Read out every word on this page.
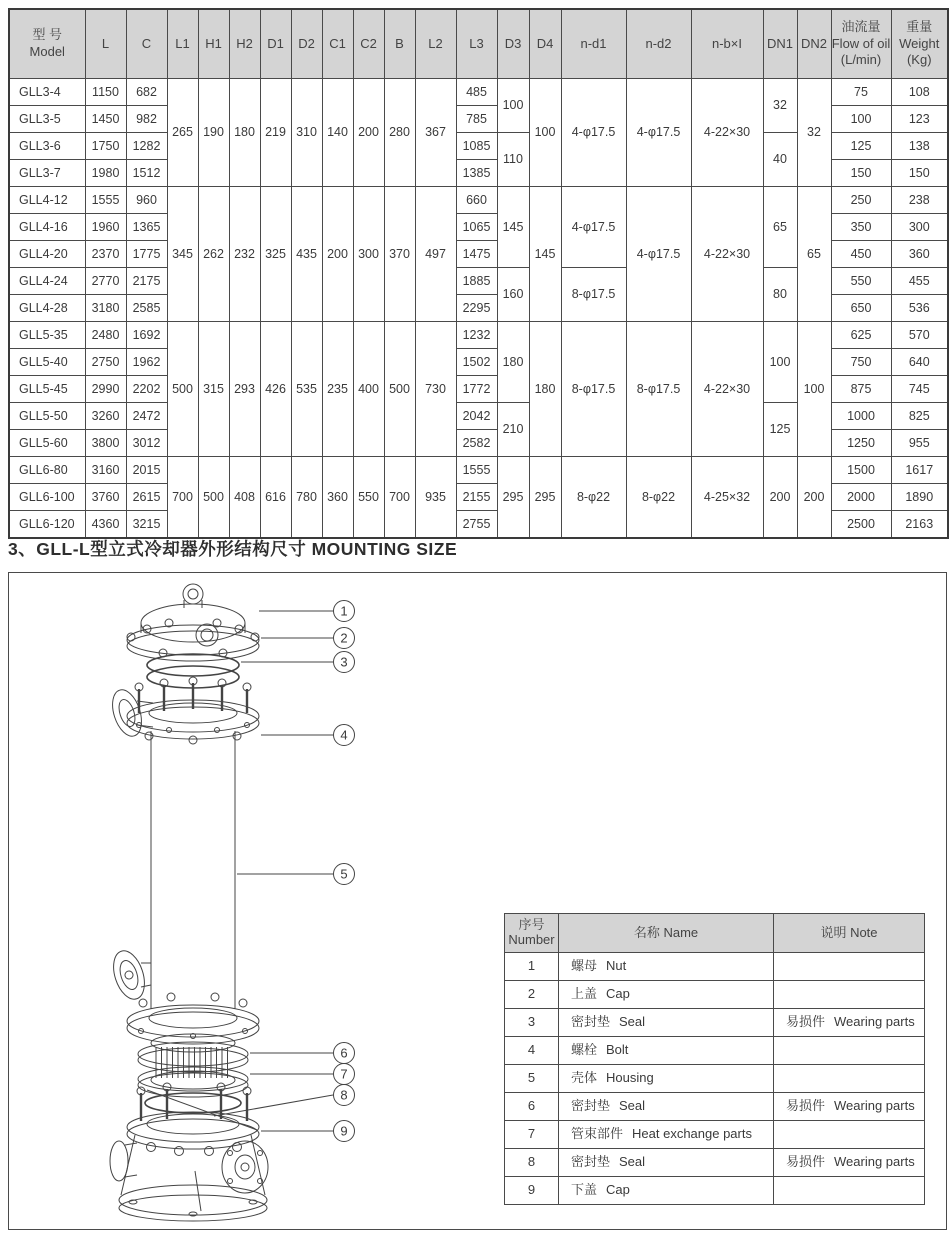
型 号
Model	L	C	L1	H1	H2	D1	D2	C1	C2	B	L2	L3	D3	D4	n-d1	n-d2	n-b×I	DN1	DN2	油流量
Flow of oil
(L/min)	重量
Weight
(Kg)
GLL3-4	1150	682	265	190	180	219	310	140	200	280	367	485	100	100	4-φ17.5	4-φ17.5	4-22×30	32	32	75	108
GLL3-5	1450	982										785								100	123
GLL3-6	1750	1282										1085	110					40		125	138
GLL3-7	1980	1512										1385								150	150
GLL4-12	1555	960	345	262	232	325	435	200	300	370	497	660	145	145	4-φ17.5	4-φ17.5	4-22×30	65	65	250	238
GLL4-16	1960	1365										1065								350	300
GLL4-20	2370	1775										1475								450	360
GLL4-24	2770	2175										1885	160		8-φ17.5			80		550	455
GLL4-28	3180	2585										2295								650	536
GLL5-35	2480	1692	500	315	293	426	535	235	400	500	730	1232	180	180	8-φ17.5	8-φ17.5	4-22×30	100	100	625	570
GLL5-40	2750	1962										1502								750	640
GLL5-45	2990	2202										1772								875	745
GLL5-50	3260	2472										2042	210					125		1000	825
GLL5-60	3800	3012										2582								1250	955
GLL6-80	3160	2015	700	500	408	616	780	360	550	700	935	1555	295	295	8-φ22	8-φ22	4-25×32	200	200	1500	1617
GLL6-100	3760	2615										2155								2000	1890
GLL6-120	4360	3215										2755								2500	2163
3、GLL-L型立式冷却器外形结构尺寸 MOUNTING SIZE
1
2
3
4
5
6
7
8
9
序号
Number	名称 Name	说明 Note
1	螺母 Nut	
2	上盖 Cap	
3	密封垫 Seal	易损件 Wearing parts
4	螺栓 Bolt	
5	壳体 Housing	
6	密封垫 Seal	易损件 Wearing parts
7	管束部件 Heat exchange parts	
8	密封垫 Seal	易损件 Wearing parts
9	下盖 Cap	
